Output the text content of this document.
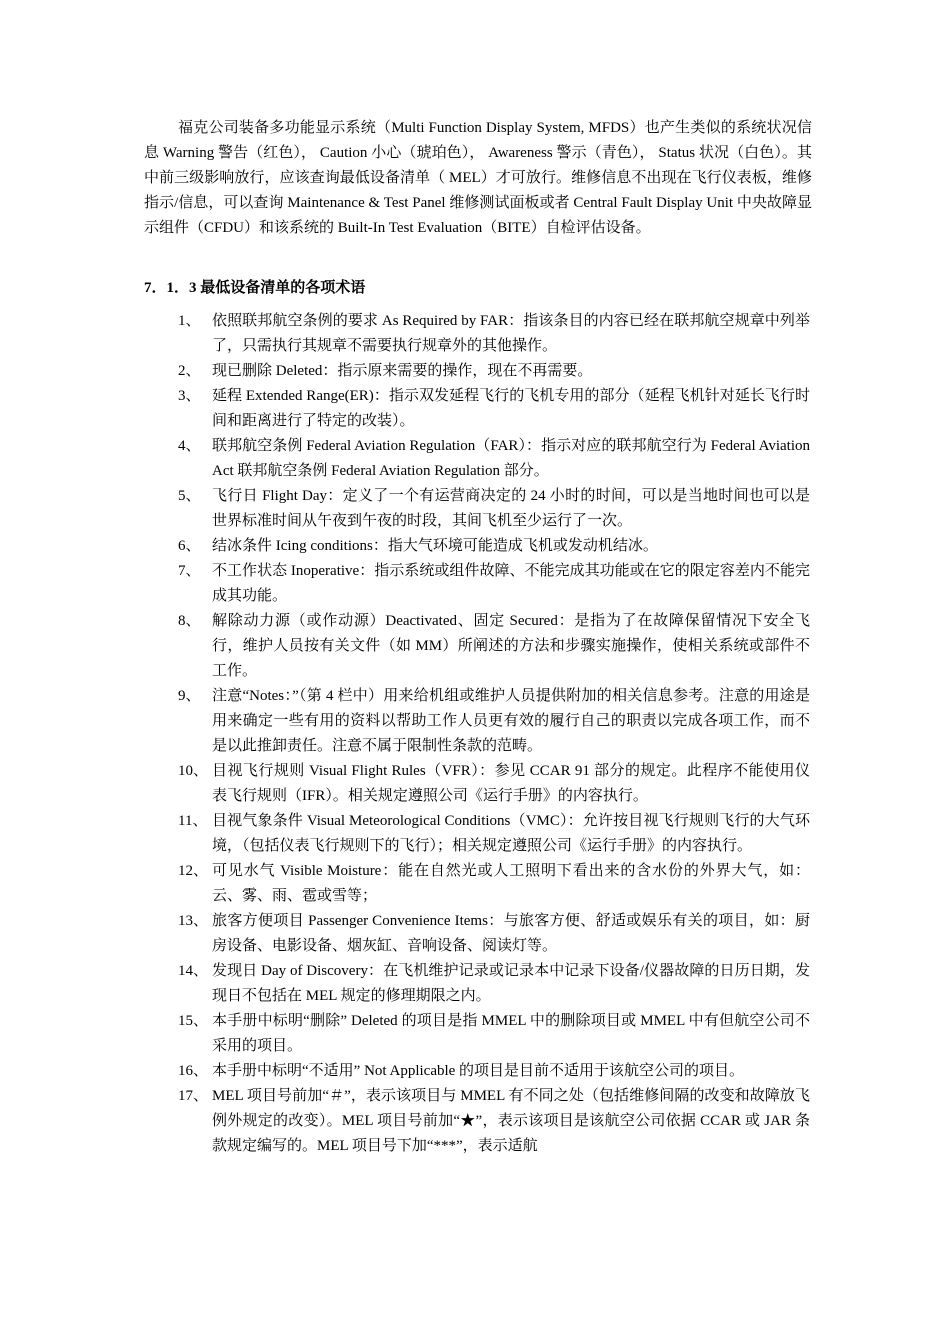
福克公司装备多功能显示系统（Multi Function Display System, MFDS）也产生类似的系统状况信息 Warning 警告（红色）， Caution 小心（琥珀色）， Awareness 警示（青色）， Status 状况（白色）。其中前三级影响放行，应该查询最低设备清单（ MEL）才可放行。维修信息不出现在飞行仪表板，维修指示/信息，可以查询 Maintenance & Test Panel 维修测试面板或者 Central Fault Display Unit 中央故障显示组件（CFDU）和该系统的 Built-In Test Evaluation（BITE）自检评估设备。

7．1．3 最低设备清单的各项术语

1、 依照联邦航空条例的要求 As Required by FAR：指该条目的内容已经在联邦航空规章中列举了，只需执行其规章不需要执行规章外的其他操作。
2、 现已删除 Deleted：指示原来需要的操作，现在不再需要。
3、 延程 Extended Range(ER)：指示双发延程飞行的飞机专用的部分（延程飞机针对延长飞行时间和距离进行了特定的改装）。
4、 联邦航空条例 Federal Aviation Regulation（FAR）：指示对应的联邦航空行为 Federal Aviation Act 联邦航空条例 Federal Aviation Regulation 部分。
5、 飞行日 Flight Day：定义了一个有运营商决定的 24 小时的时间，可以是当地时间也可以是世界标准时间从午夜到午夜的时段，其间飞机至少运行了一次。
6、 结冰条件 Icing conditions：指大气环境可能造成飞机或发动机结冰。
7、 不工作状态 Inoperative：指示系统或组件故障、不能完成其功能或在它的限定容差内不能完成其功能。
8、 解除动力源（或作动源）Deactivated、固定 Secured：是指为了在故障保留情况下安全飞行，维护人员按有关文件（如 MM）所阐述的方法和步骤实施操作，使相关系统或部件不工作。
9、 注意“Notes：”（第 4 栏中）用来给机组或维护人员提供附加的相关信息参考。注意的用途是用来确定一些有用的资料以帮助工作人员更有效的履行自己的职责以完成各项工作，而不是以此推卸责任。注意不属于限制性条款的范畴。
10、 目视飞行规则 Visual Flight Rules（VFR）：参见 CCAR 91 部分的规定。此程序不能使用仪表飞行规则（IFR）。相关规定遵照公司《运行手册》的内容执行。
11、 目视气象条件 Visual Meteorological Conditions（VMC）：允许按目视飞行规则飞行的大气环境，（包括仪表飞行规则下的飞行）；相关规定遵照公司《运行手册》的内容执行。
12、 可见水气 Visible Moisture：能在自然光或人工照明下看出来的含水份的外界大气，如：云、雾、雨、雹或雪等；
13、 旅客方便项目 Passenger Convenience Items：与旅客方便、舒适或娱乐有关的项目，如：厨房设备、电影设备、烟灰缸、音响设备、阅读灯等。
14、 发现日 Day of Discovery：在飞机维护记录或记录本中记录下设备/仪器故障的日历日期，发现日不包括在 MEL 规定的修理期限之内。
15、 本手册中标明“删除” Deleted 的项目是指 MMEL 中的删除项目或 MMEL 中有但航空公司不采用的项目。
16、 本手册中标明“不适用” Not Applicable 的项目是目前不适用于该航空公司的项目。
17、 MEL 项目号前加“＃”，表示该项目与 MMEL 有不同之处（包括维修间隔的改变和故障放飞例外规定的改变）。MEL 项目号前加“★”，表示该项目是该航空公司依据 CCAR 或 JAR 条款规定编写的。MEL 项目号下加“***”，表示适航
